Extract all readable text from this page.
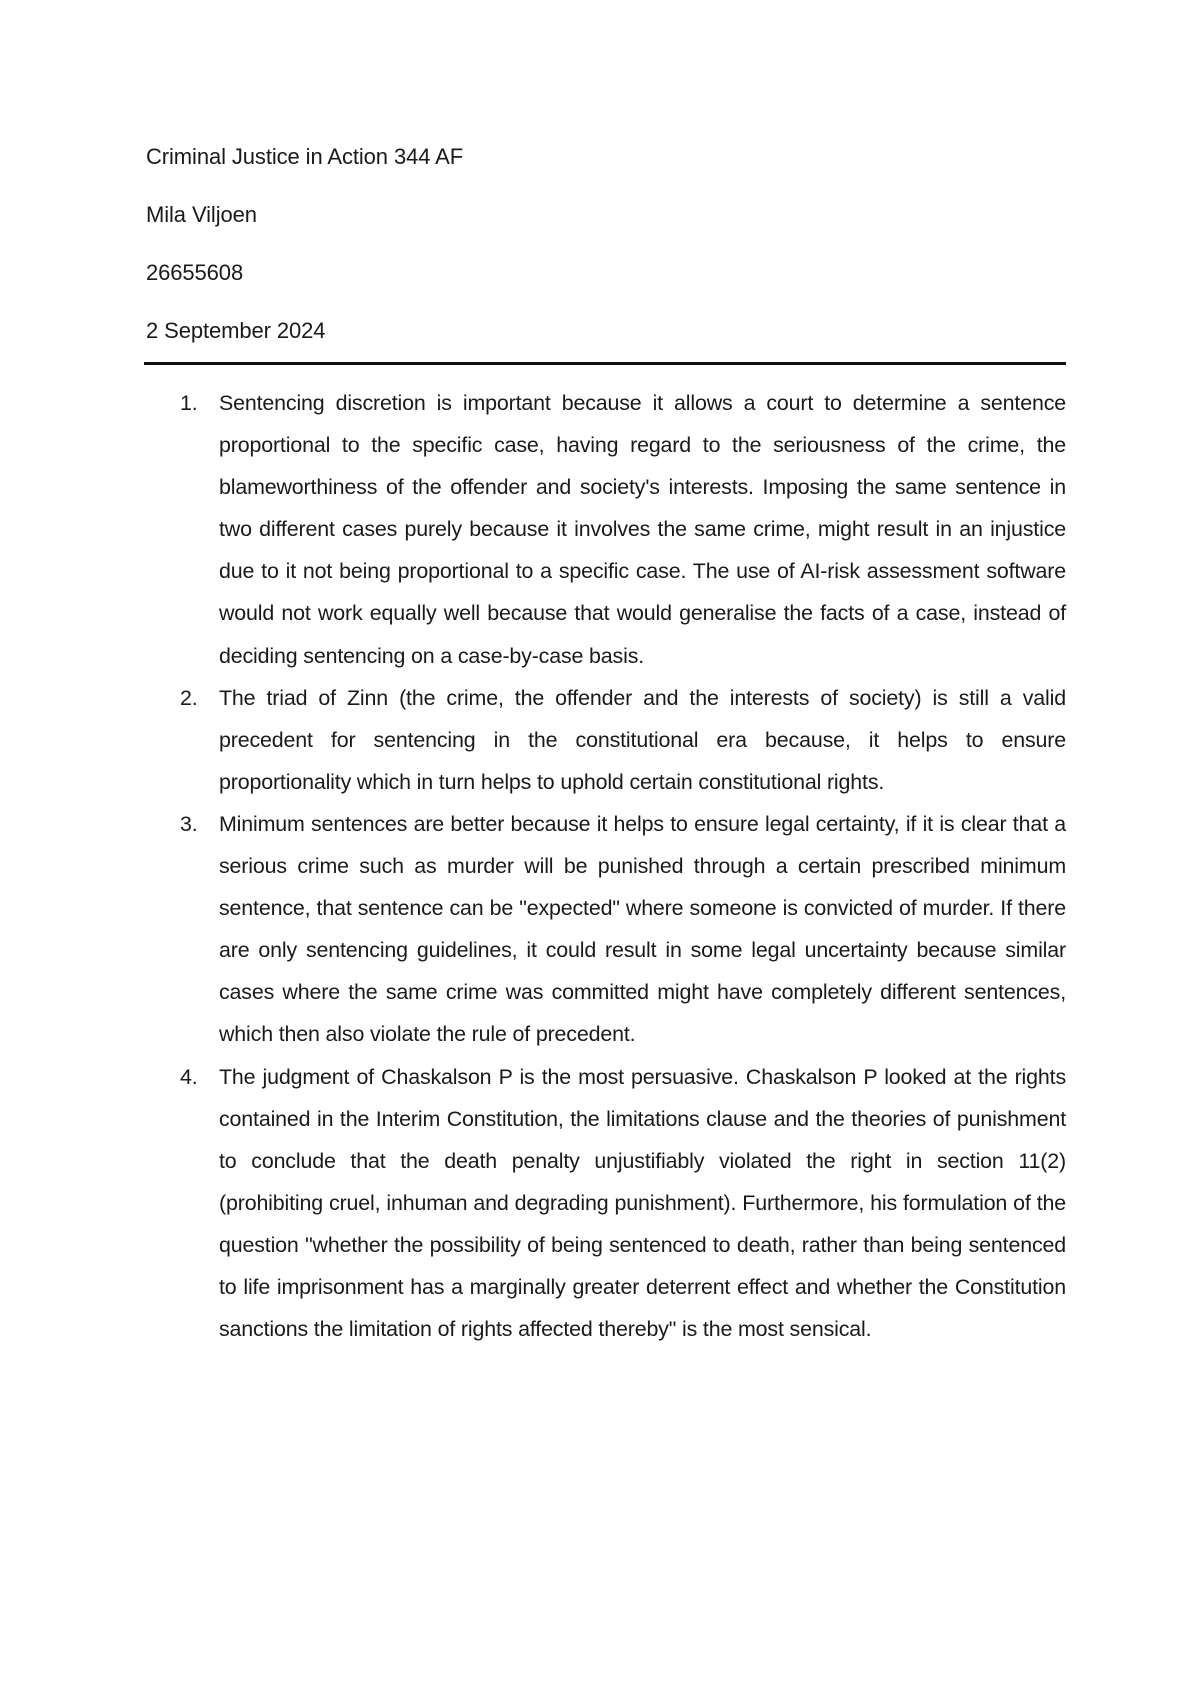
Criminal Justice in Action 344 AF
Mila Viljoen
26655608
2 September 2024
1.	Sentencing discretion is important because it allows a court to determine a sentence proportional to the specific case, having regard to the seriousness of the crime, the blameworthiness of the offender and society's interests. Imposing the same sentence in two different cases purely because it involves the same crime, might result in an injustice due to it not being proportional to a specific case. The use of AI-risk assessment software would not work equally well because that would generalise the facts of a case, instead of deciding sentencing on a case-by-case basis.
2.	The triad of Zinn (the crime, the offender and the interests of society) is still a valid precedent for sentencing in the constitutional era because, it helps to ensure proportionality which in turn helps to uphold certain constitutional rights.
3.	Minimum sentences are better because it helps to ensure legal certainty, if it is clear that a serious crime such as murder will be punished through a certain prescribed minimum sentence, that sentence can be "expected" where someone is convicted of murder. If there are only sentencing guidelines, it could result in some legal uncertainty because similar cases where the same crime was committed might have completely different sentences, which then also violate the rule of precedent.
4.	The judgment of Chaskalson P is the most persuasive. Chaskalson P looked at the rights contained in the Interim Constitution, the limitations clause and the theories of punishment to conclude that the death penalty unjustifiably violated the right in section 11(2) (prohibiting cruel, inhuman and degrading punishment). Furthermore, his formulation of the question "whether the possibility of being sentenced to death, rather than being sentenced to life imprisonment has a marginally greater deterrent effect and whether the Constitution sanctions the limitation of rights affected thereby" is the most sensical.
